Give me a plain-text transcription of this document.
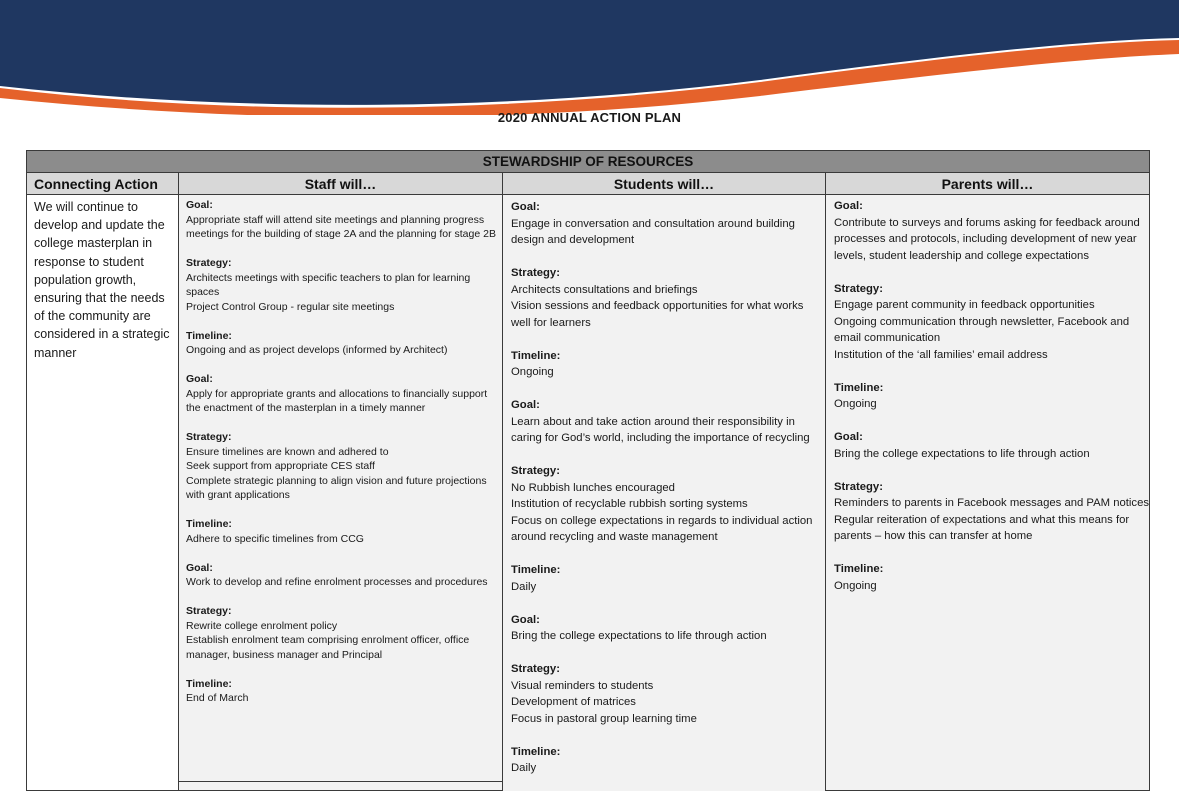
2020 ANNUAL ACTION PLAN
STEWARDSHIP OF RESOURCES
Connecting Action
We will continue to develop and update the college masterplan in response to student population growth, ensuring that the needs of the community are considered in a strategic manner
Staff will…
Goal:
Appropriate staff will attend site meetings and planning progress meetings for the building of stage 2A and the planning for stage 2B
Strategy:
Architects meetings with specific teachers to plan for learning spaces
Project Control Group - regular site meetings
Timeline:
Ongoing and as project develops (informed by Architect)
Goal:
Apply for appropriate grants and allocations to financially support the enactment of the masterplan in a timely manner
Strategy:
Ensure timelines are known and adhered to
Seek support from appropriate CES staff
Complete strategic planning to align vision and future projections with grant applications
Timeline:
Adhere to specific timelines from CCG
Goal:
Work to develop and refine enrolment processes and procedures
Strategy:
Rewrite college enrolment policy
Establish enrolment team comprising enrolment officer, office manager, business manager and Principal
Timeline:
End of March
Students will…
Goal:
Engage in conversation and consultation around building design and development
Strategy:
Architects consultations and briefings
Vision sessions and feedback opportunities for what works well for learners
Timeline:
Ongoing
Goal:
Learn about and take action around their responsibility in caring for God’s world, including the importance of recycling
Strategy:
No Rubbish lunches encouraged
Institution of recyclable rubbish sorting systems
Focus on college expectations in regards to individual action around recycling and waste management
Timeline:
Daily
Goal:
Bring the college expectations to life through action
Strategy:
Visual reminders to students
Development of matrices
Focus in pastoral group learning time
Timeline:
Daily
Parents will…
Goal:
Contribute to surveys and forums asking for feedback around processes and protocols, including development of new year levels, student leadership and college expectations
Strategy:
Engage parent community in feedback opportunities
Ongoing communication through newsletter, Facebook and email communication
Institution of the ‘all families’ email address
Timeline:
Ongoing
Goal:
Bring the college expectations to life through action
Strategy:
Reminders to parents in Facebook messages and PAM notices
Regular reiteration of expectations and what this means for parents – how this can transfer at home
Timeline:
Ongoing
